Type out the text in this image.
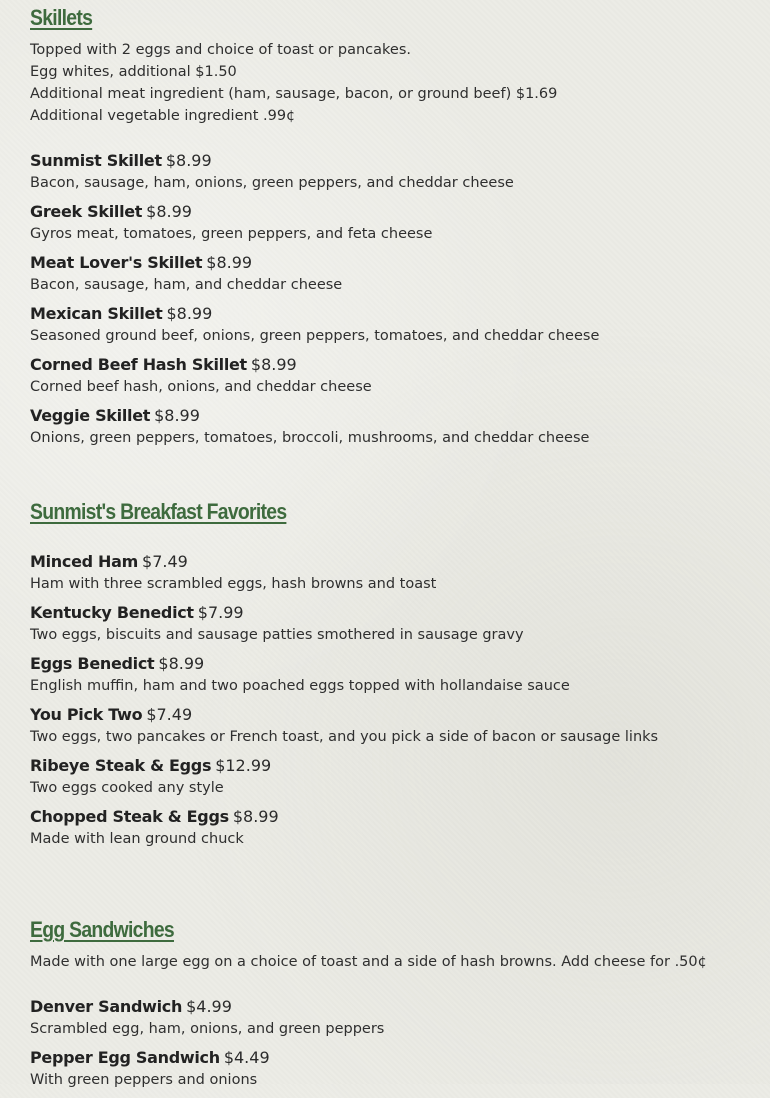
Skillets

Topped with 2 eggs and choice of toast or pancakes.

Egg whites, additional $1.50

Additional meat ingredient (ham, sausage, bacon, or ground beef) $1.69

Additional vegetable ingredient .99¢

Sunmist Skillet $8.99

Bacon, sausage, ham, onions, green peppers, and cheddar cheese

Greek Skillet $8.99

Gyros meat, tomatoes, green peppers, and feta cheese

Meat Lover's Skillet $8.99

Bacon, sausage, ham, and cheddar cheese

Mexican Skillet $8.99

Seasoned ground beef, onions, green peppers, tomatoes, and cheddar cheese

Corned Beef Hash Skillet $8.99

Corned beef hash, onions, and cheddar cheese

Veggie Skillet $8.99

Onions, green peppers, tomatoes, broccoli, mushrooms, and cheddar cheese

Sunmist's Breakfast Favorites

Minced Ham $7.49

Ham with three scrambled eggs, hash browns and toast

Kentucky Benedict $7.99

Two eggs, biscuits and sausage patties smothered in sausage gravy

Eggs Benedict $8.99

English muffin, ham and two poached eggs topped with hollandaise sauce

You Pick Two $7.49

Two eggs, two pancakes or French toast, and you pick a side of bacon or sausage links

Ribeye Steak & Eggs $12.99

Two eggs cooked any style

Chopped Steak & Eggs $8.99

Made with lean ground chuck

Egg Sandwiches

Made with one large egg on a choice of toast and a side of hash browns. Add cheese for .50¢

Denver Sandwich $4.99

Scrambled egg, ham, onions, and green peppers

Pepper Egg Sandwich $4.49

With green peppers and onions
